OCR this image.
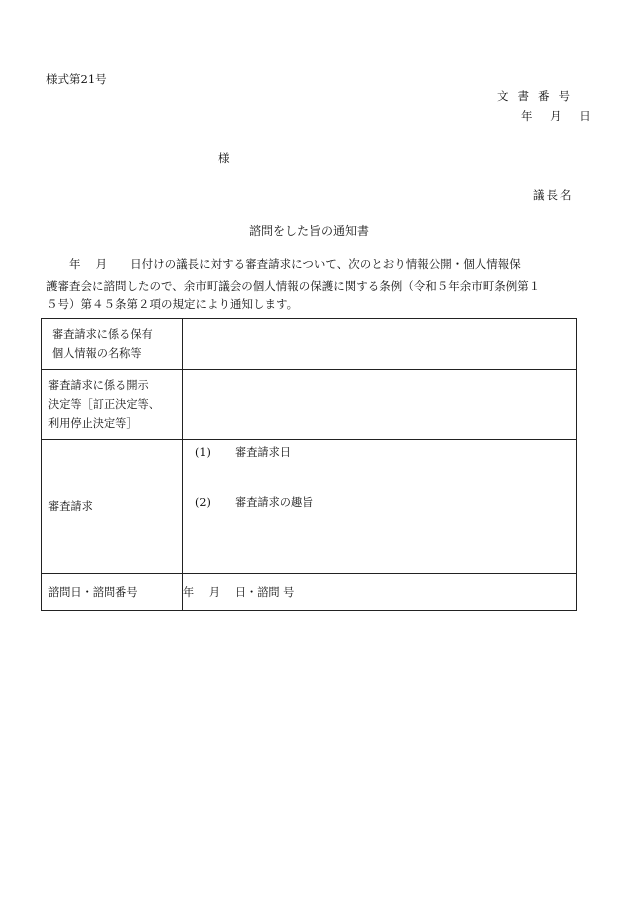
様式第21号
文書番号
年 月 日
様
議長名
諮問をした旨の通知書
　　年　 月　　日付けの議長に対する審査請求について、次のとおり情報公開・個人情報保
護審査会に諮問したので、余市町議会の個人情報の保護に関する条例（令和５年余市町条例第１
５号）第４５条第２項の規定により通知します。
審査請求に係る保有
個人情報の名称等	

審査請求に係る開示
決定等［訂正決定等、
利用停止決定等］	

審査請求	(1) 審査請求日
(2) 審査請求の趣旨

諮問日・諮問番号	年　 月　 日・諮問 号
